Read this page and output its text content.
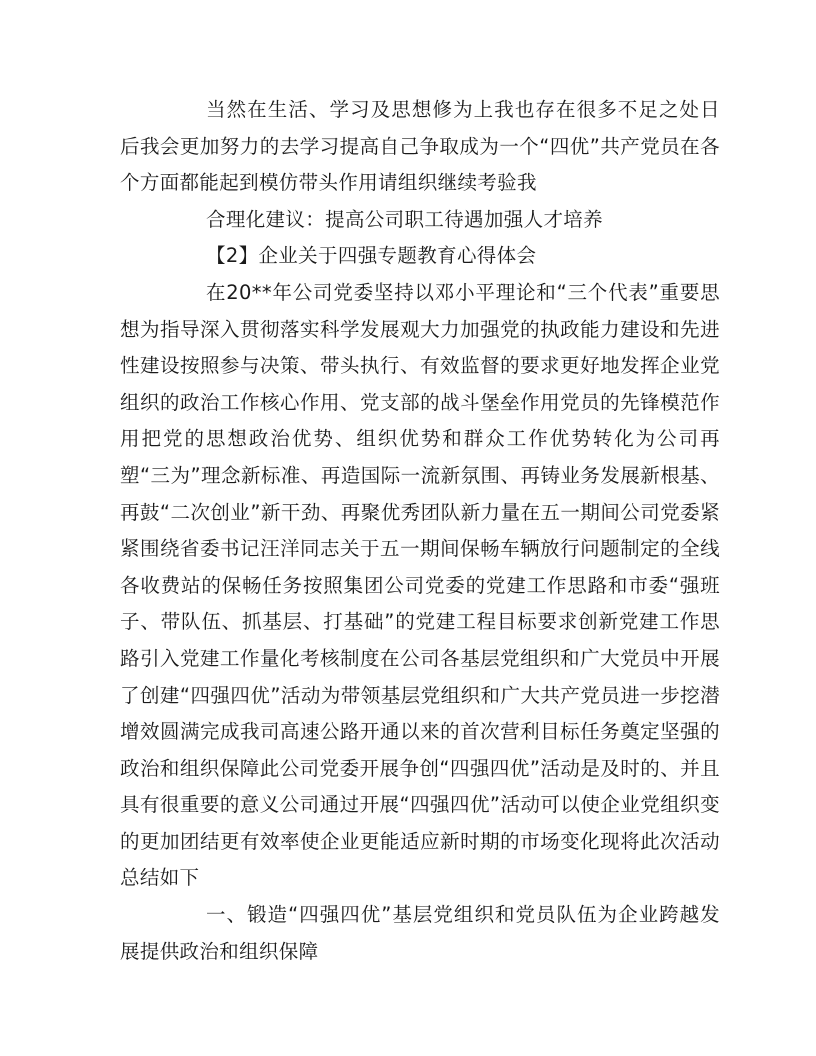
当然在生活、学习及思想修为上我也存在很多不足之处日后我会更加努力的去学习提高自己争取成为一个“四优”共产党员在各个方面都能起到模仿带头作用请组织继续考验我

合理化建议：提高公司职工待遇加强人才培养

【2】企业关于四强专题教育心得体会

在20**年公司党委坚持以邓小平理论和“三个代表”重要思想为指导深入贯彻落实科学发展观大力加强党的执政能力建设和先进性建设按照参与决策、带头执行、有效监督的要求更好地发挥企业党组织的政治工作核心作用、党支部的战斗堡垒作用党员的先锋模范作用把党的思想政治优势、组织优势和群众工作优势转化为公司再塑“三为”理念新标准、再造国际一流新氛围、再铸业务发展新根基、再鼓“二次创业”新干劲、再聚优秀团队新力量在五一期间公司党委紧紧围绕省委书记汪洋同志关于五一期间保畅车辆放行问题制定的全线各收费站的保畅任务按照集团公司党委的党建工作思路和市委“强班子、带队伍、抓基层、打基础”的党建工程目标要求创新党建工作思路引入党建工作量化考核制度在公司各基层党组织和广大党员中开展了创建“四强四优”活动为带领基层党组织和广大共产党员进一步挖潜增效圆满完成我司高速公路开通以来的首次营利目标任务奠定坚强的政治和组织保障此公司党委开展争创“四强四优”活动是及时的、并且具有很重要的意义公司通过开展“四强四优”活动可以使企业党组织变的更加团结更有效率使企业更能适应新时期的市场变化现将此次活动总结如下

一、锻造“四强四优”基层党组织和党员队伍为企业跨越发展提供政治和组织保障
